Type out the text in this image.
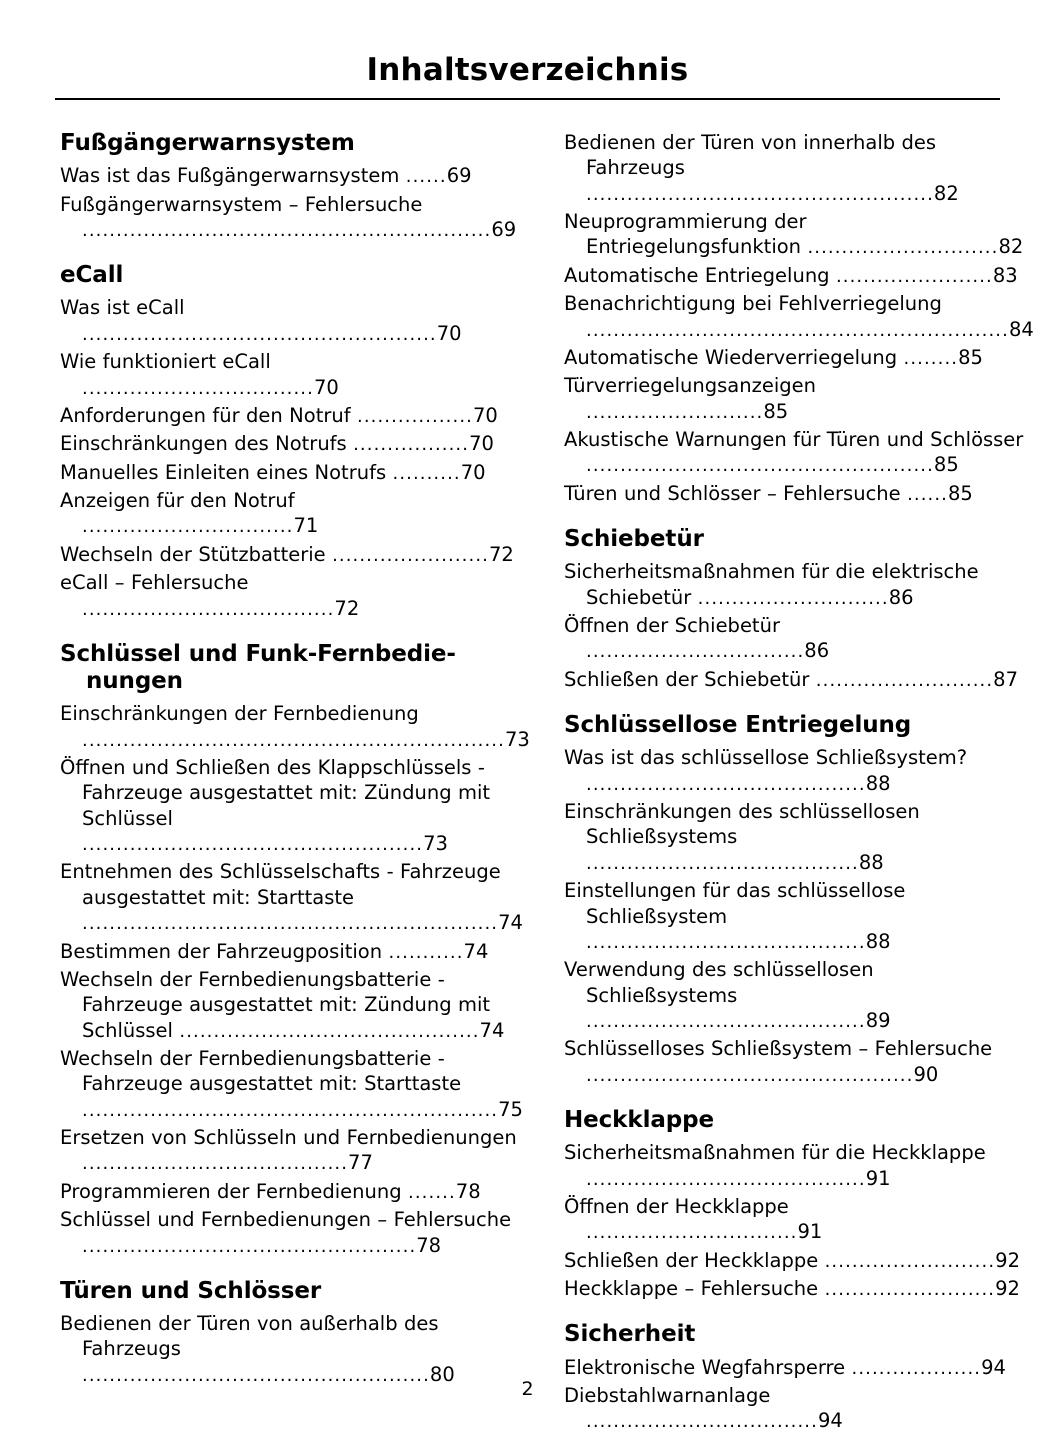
Inhaltsverzeichnis
Fußgängerwarnsystem
Was ist das Fußgängerwarnsystem ......69
Fußgängerwarnsystem – Fehlersuche ............................................................69
eCall
Was ist eCall ....................................................70
Wie funktioniert eCall ..................................70
Anforderungen für den Notruf .................70
Einschränkungen des Notrufs .................70
Manuelles Einleiten eines Notrufs ..........70
Anzeigen für den Notruf ...............................71
Wechseln der Stützbatterie .......................72
eCall – Fehlersuche .....................................72
Schlüssel und Funk-Fernbedie-
nungen
Einschränkungen der Fernbedienung ..............................................................73
Öffnen und Schließen des Klappschlüssels - Fahrzeuge ausgestattet mit: Zündung mit Schlüssel ..................................................73
Entnehmen des Schlüsselschafts - Fahrzeuge ausgestattet mit: Starttaste .............................................................74
Bestimmen der Fahrzeugposition ...........74
Wechseln der Fernbedienungsbatterie - Fahrzeuge ausgestattet mit: Zündung mit Schlüssel ............................................74
Wechseln der Fernbedienungsbatterie - Fahrzeuge ausgestattet mit: Starttaste .............................................................75
Ersetzen von Schlüsseln und Fernbedienungen .......................................77
Programmieren der Fernbedienung .......78
Schlüssel und Fernbedienungen – Fehlersuche .................................................78
Türen und Schlösser
Bedienen der Türen von außerhalb des Fahrzeugs ...................................................80
Bedienen der Türen von innerhalb des Fahrzeugs ...................................................82
Neuprogrammierung der Entriegelungsfunktion ............................82
Automatische Entriegelung .......................83
Benachrichtigung bei Fehlverriegelung ..............................................................84
Automatische Wiederverriegelung ........85
Türverriegelungsanzeigen ..........................85
Akustische Warnungen für Türen und Schlösser ...................................................85
Türen und Schlösser – Fehlersuche ......85
Schiebetür
Sicherheitsmaßnahmen für die elektrische Schiebetür ............................86
Öffnen der Schiebetür ................................86
Schließen der Schiebetür ..........................87
Schlüssellose Entriegelung
Was ist das schlüssellose Schließsystem? .........................................88
Einschränkungen des schlüssellosen Schließsystems ........................................88
Einstellungen für das schlüssellose Schließsystem .........................................88
Verwendung des schlüssellosen Schließsystems .........................................89
Schlüsselloses Schließsystem – Fehlersuche ................................................90
Heckklappe
Sicherheitsmaßnahmen für die Heckklappe .........................................91
Öffnen der Heckklappe ...............................91
Schließen der Heckklappe .........................92
Heckklappe – Fehlersuche .........................92
Sicherheit
Elektronische Wegfahrsperre ...................94
Diebstahlwarnanlage ..................................94
2
